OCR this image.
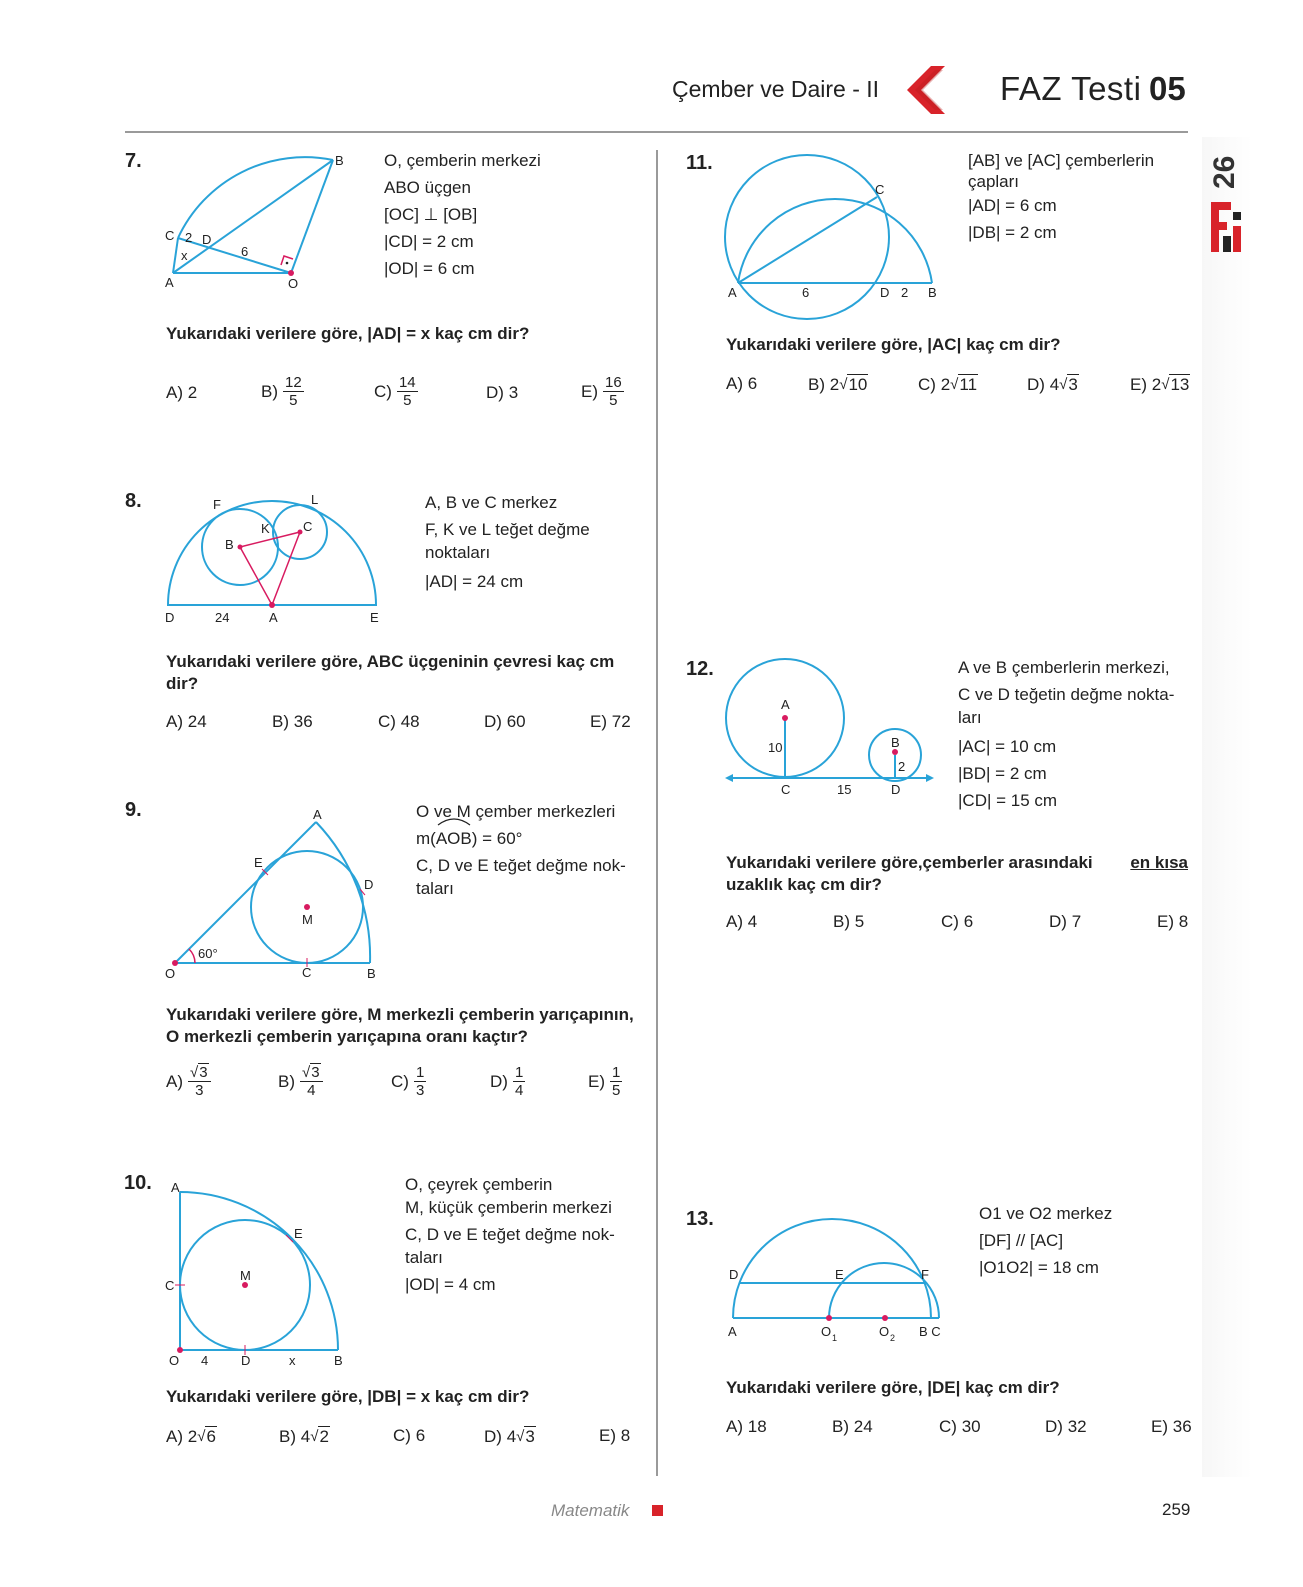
Çember ve Daire - II	FAZ Testi 05
26
7.	B
C 2 D
x	6
A	O
O, çemberin merkezi
ABO üçgen
[OC] ⊥ [OB]
|CD| = 2 cm
|OD| = 6 cm
Yukarıdaki verilere göre, |AD| = x kaç cm dir?
A)
2	$B) \frac{12}{5}$	$C) \frac{14}{5}$	D)
3	$E) \frac{16}{5}$
8.	F	L
K	C
B
D	24	A	E
A, B ve C merkez
F, K ve L teğet değme
noktaları
|AD| = 24 cm
Yukarıdaki verilere göre, ABC üçgeninin çevresi kaç cm
dir?
A)
24	B)
36	C)
48	D)
60	E)
72
9.	A
E
D
M
60°
O	C	B
O ve M çember merkezleri
m(AOB) = 60°
C, D ve E teğet değme nok-
taları
Yukarıdaki verilere göre, M merkezli çemberin yarıçapının,
O merkezli çemberin yarıçapına oranı kaçtır?
$A) \frac{√3}{3}$	$B) \frac{√3}{4}$	$C) \frac{1}{3}$	$D) \frac{1}{4}$	$E) \frac{1}{5}$
10. A
E
M
C
O 4	D	x	B
O, çeyrek çemberin
M, küçük çemberin merkezi
C, D ve E teğet değme nok-
taları
|OD| = 4 cm
Yukarıdaki verilere göre, |DB| = x kaç cm dir?
A)
2 √ 6	B)
4 √ 2	C)
6	D)
4 √ 3	E)
8
11.
C
A	6	D 2 B
[AB] ve [AC] çemberlerin
çapları
|AD| = 6 cm
|DB| = 2 cm
Yukarıdaki verilere göre, |AC| kaç cm dir?
A)
6	B)
2 √ 10	C)
2 √ 11	D)
4 √ 3	E)
2 √ 13
12.
A
10	B
2
C	15	D
A ve B çemberlerin merkezi,
C ve D teğetin değme nokta-
ları
|AC| = 10 cm
|BD| = 2 cm
|CD| = 15 cm
Yukarıdaki verilere göre,çemberler arasındaki en kısa
uzaklık kaç cm dir?
A)
4	B)
5	C)
6	D)
7	E)
8
13.
D	E	F
A	O 1	O 2 B C
O1 ve O2 merkez
[DF] // [AC]
|O1O2| = 18 cm
Yukarıdaki verilere göre, |DE| kaç cm dir?
A)
18	B)
24	C)
30	D)
32	E)
36
Matematik	259
